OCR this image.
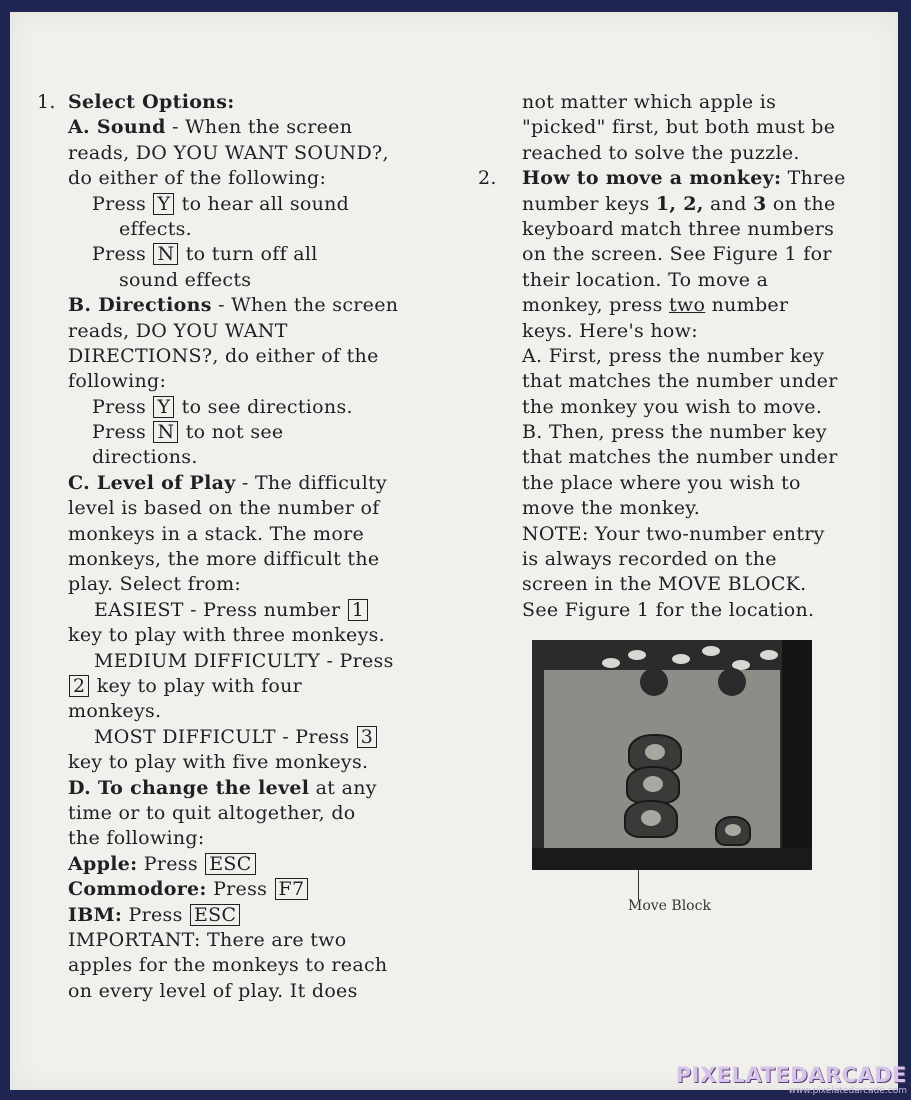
1. Select Options:
A. Sound - When the screen
reads, DO YOU WANT SOUND?,
do either of the following:
Press Y to hear all sound
effects.
Press N to turn off all
sound effects
B. Directions - When the screen
reads, DO YOU WANT
DIRECTIONS?, do either of the
following:
Press Y to see directions.
Press N to not see
directions.
C. Level of Play - The difficulty
level is based on the number of
monkeys in a stack. The more
monkeys, the more difficult the
play. Select from:
EASIEST - Press number 1
key to play with three monkeys.
MEDIUM DIFFICULTY - Press
2 key to play with four
monkeys.
MOST DIFFICULT - Press 3
key to play with five monkeys.
D. To change the level at any
time or to quit altogether, do
the following:
Apple: Press ESC
Commodore: Press F7
IBM: Press ESC
IMPORTANT: There are two
apples for the monkeys to reach
on every level of play. It does
not matter which apple is
"picked" first, but both must be
reached to solve the puzzle.
2. How to move a monkey: Three
number keys 1, 2, and 3 on the
keyboard match three numbers
on the screen. See Figure 1 for
their location. To move a
monkey, press two number
keys. Here's how:
A. First, press the number key
that matches the number under
the monkey you wish to move.
B. Then, press the number key
that matches the number under
the place where you wish to
move the monkey.
NOTE: Your two-number entry
is always recorded on the
screen in the MOVE BLOCK.
See Figure 1 for the location.
Move Block
PIXELATEDARCADE
www.pixelatedarcade.com
